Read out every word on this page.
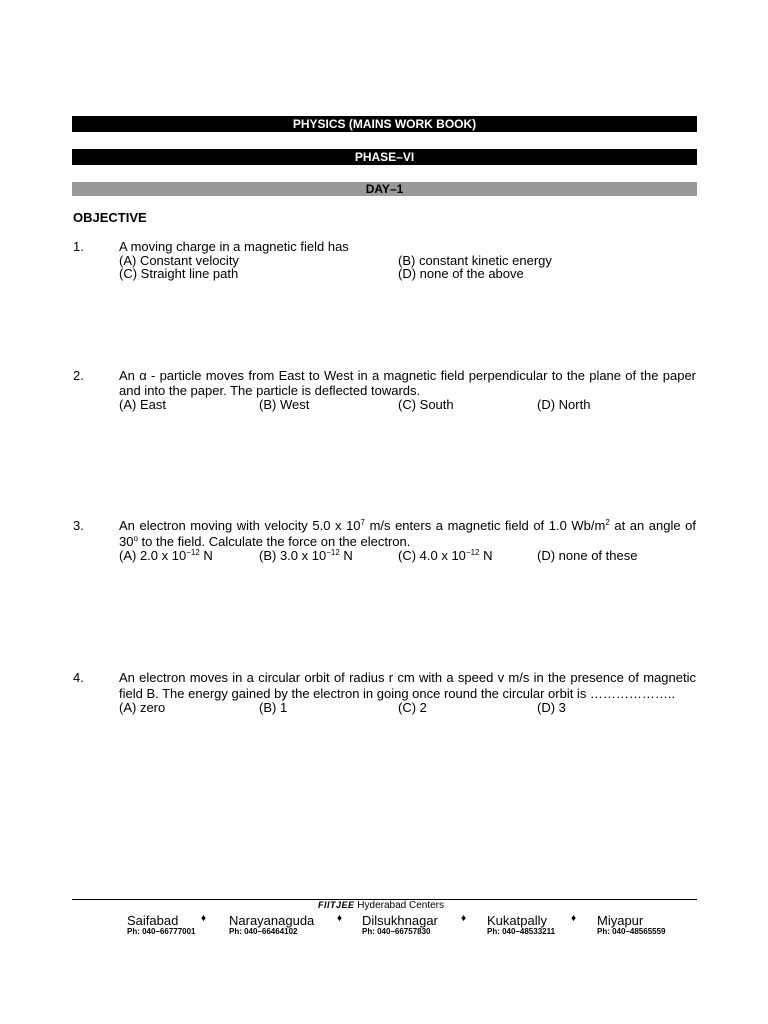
PHYSICS (MAINS WORK BOOK)
PHASE–VI
DAY–1
OBJECTIVE
1.	A moving charge in a magnetic field has
(A) Constant velocity	(B) constant kinetic energy
(C) Straight line path	(D) none of the above
2.	An α - particle moves from East to West in a magnetic field perpendicular to the plane of the paper and into the paper. The particle is deflected towards.
(A) East	(B) West	(C) South	(D) North
3.	An electron moving with velocity 5.0 x $10^7$ m/s enters a magnetic field of 1.0 $Wb/m^2$ at an angle of 30$^o$ to the field. Calculate the force on the electron.
(A) 2.0 x $10^{-12}$ N	(B) 3.0 x $10^{-12}$ N	(C) 4.0 x $10^{-12}$ N	(D) none of these
4.	An electron moves in a circular orbit of radius r cm with a speed v m/s in the presence of magnetic field B. The energy gained by the electron in going once round the circular orbit is ………………..
(A) zero	(B) 1	(C) 2	(D) 3
FIITJEE Hyderabad Centers
Saifabad
Ph: 040–66777001
♦ Narayanaguda
Ph: 040–66464102
♦ Dilsukhnagar
Ph: 040–66757830
♦ Kukatpally
Ph: 040–48533211
♦ Miyapur
Ph: 040–48565559
